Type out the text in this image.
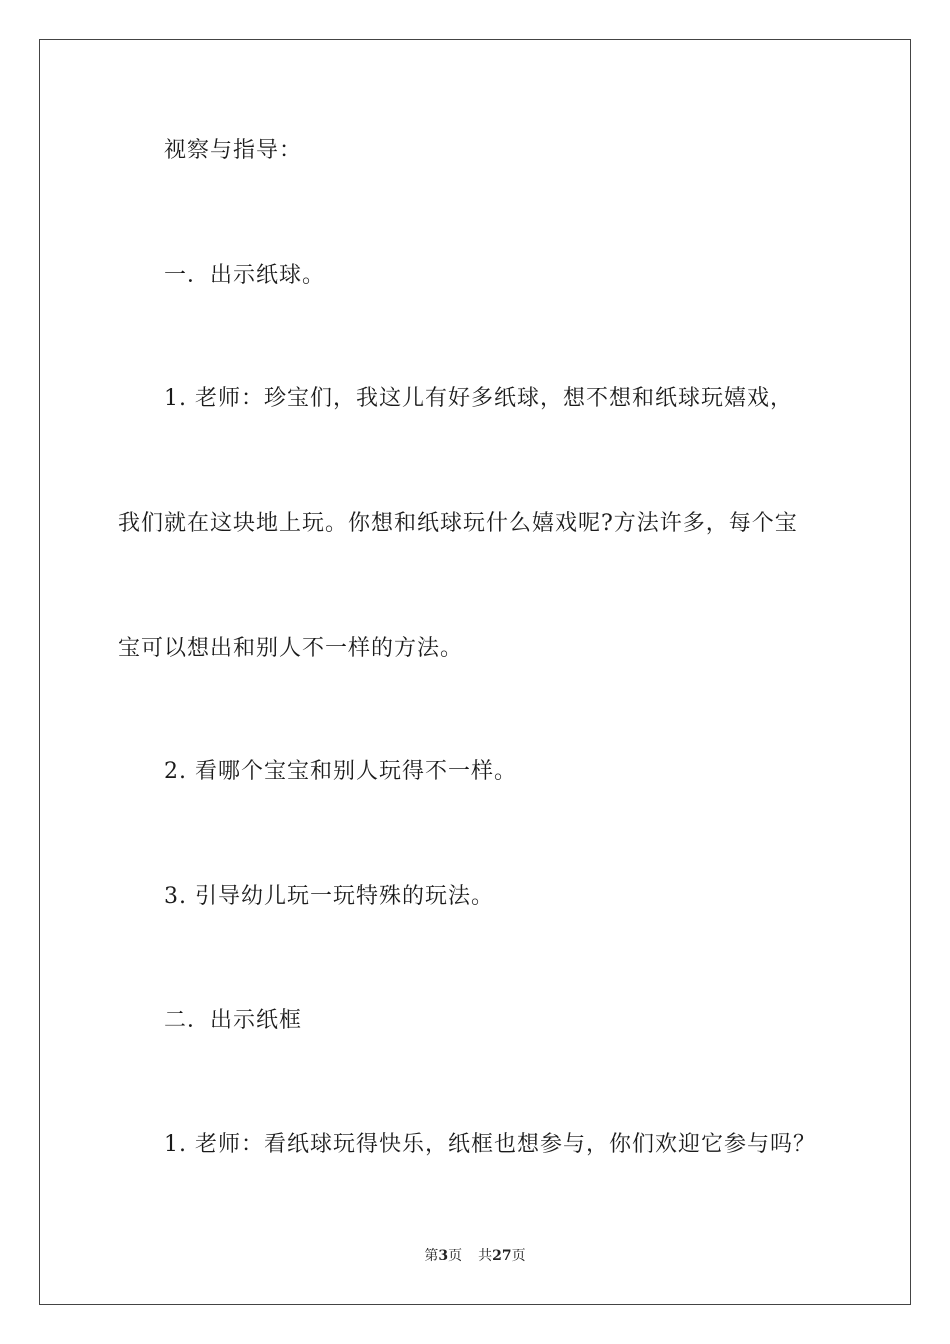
视察与指导：

一．出示纸球。

1. 老师：珍宝们，我这儿有好多纸球，想不想和纸球玩嬉戏，

我们就在这块地上玩。你想和纸球玩什么嬉戏呢?方法许多，每个宝

宝可以想出和别人不一样的方法。

2. 看哪个宝宝和别人玩得不一样。

3. 引导幼儿玩一玩特殊的玩法。

二．出示纸框

1. 老师：看纸球玩得快乐，纸框也想参与，你们欢迎它参与吗？

第3页 共27页
